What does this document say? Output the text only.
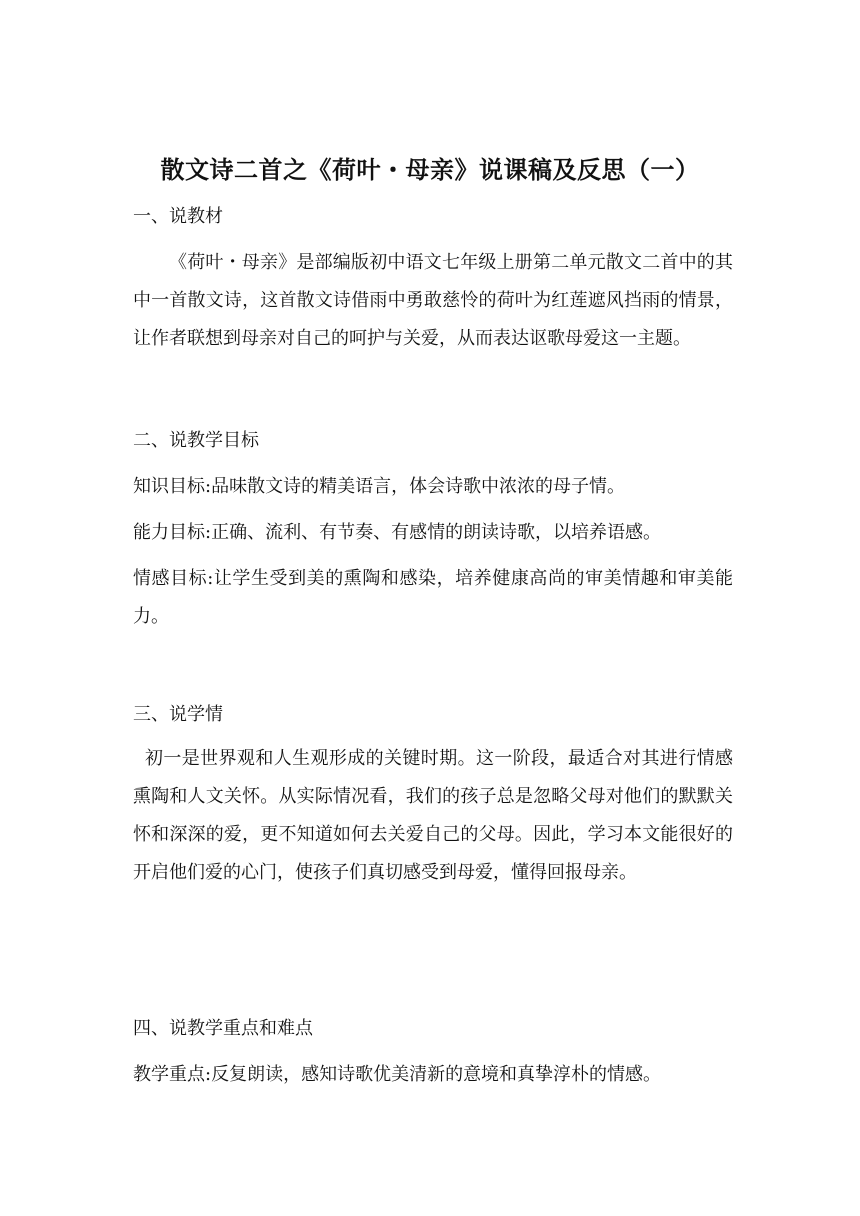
散文诗二首之《荷叶・母亲》说课稿及反思（一）
一、说教材
《荷叶・母亲》是部编版初中语文七年级上册第二单元散文二首中的其中一首散文诗，这首散文诗借雨中勇敢慈怜的荷叶为红莲遮风挡雨的情景，让作者联想到母亲对自己的呵护与关爱，从而表达讴歌母爱这一主题。
二、说教学目标
知识目标:品味散文诗的精美语言，体会诗歌中浓浓的母子情。
能力目标:正确、流利、有节奏、有感情的朗读诗歌，以培养语感。
情感目标:让学生受到美的熏陶和感染，培养健康高尚的审美情趣和审美能力。
三、说学情
初一是世界观和人生观形成的关键时期。这一阶段，最适合对其进行情感熏陶和人文关怀。从实际情况看，我们的孩子总是忽略父母对他们的默默关怀和深深的爱，更不知道如何去关爱自己的父母。因此，学习本文能很好的开启他们爱的心门，使孩子们真切感受到母爱，懂得回报母亲。
四、说教学重点和难点
教学重点:反复朗读，感知诗歌优美清新的意境和真挚淳朴的情感。
